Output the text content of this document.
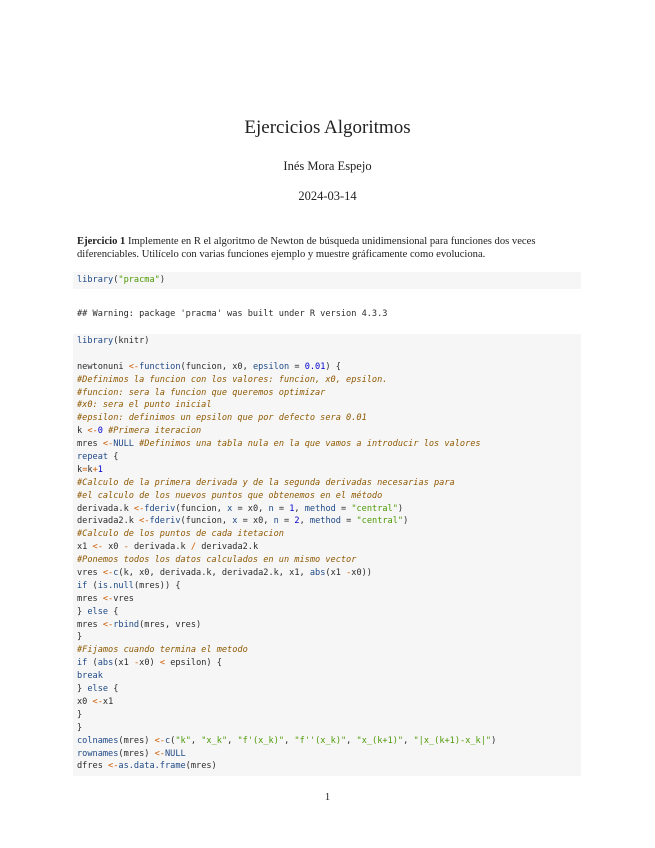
Ejercicios Algoritmos
Inés Mora Espejo
2024-03-14
Ejercicio 1 Implemente en R el algoritmo de Newton de búsqueda unidimensional para funciones dos veces diferenciables. Utilícelo con varias funciones ejemplo y muestre gráficamente como evoluciona.
library("pracma")
## Warning: package 'pracma' was built under R version 4.3.3
library(knitr)

newtonuni <-function(funcion, x0, epsilon = 0.01) {
#Definimos la funcion con los valores: funcion, x0, epsilon.
#funcion: sera la funcion que queremos optimizar
#x0: sera el punto inicial
#epsilon: definimos un epsilon que por defecto sera 0.01
k <-0 #Primera iteracion
mres <-NULL #Definimos una tabla nula en la que vamos a introducir los valores
repeat {
k=k+1
#Calculo de la primera derivada y de la segunda derivadas necesarias para
#el calculo de los nuevos puntos que obtenemos en el método
derivada.k <-fderiv(funcion, x = x0, n = 1, method = "central")
derivada2.k <-fderiv(funcion, x = x0, n = 2, method = "central")
#Calculo de los puntos de cada itetacion
x1 <- x0 - derivada.k / derivada2.k
#Ponemos todos los datos calculados en un mismo vector
vres <-c(k, x0, derivada.k, derivada2.k, x1, abs(x1 -x0))
if (is.null(mres)) {
mres <-vres
} else {
mres <-rbind(mres, vres)
}
#Fijamos cuando termina el metodo
if (abs(x1 -x0) < epsilon) {
break
} else {
x0 <-x1
}
}
colnames(mres) <-c("k", "x_k", "f'(x_k)", "f''(x_k)", "x_(k+1)", "|x_(k+1)-x_k|")
rownames(mres) <-NULL
dfres <-as.data.frame(mres)
1
